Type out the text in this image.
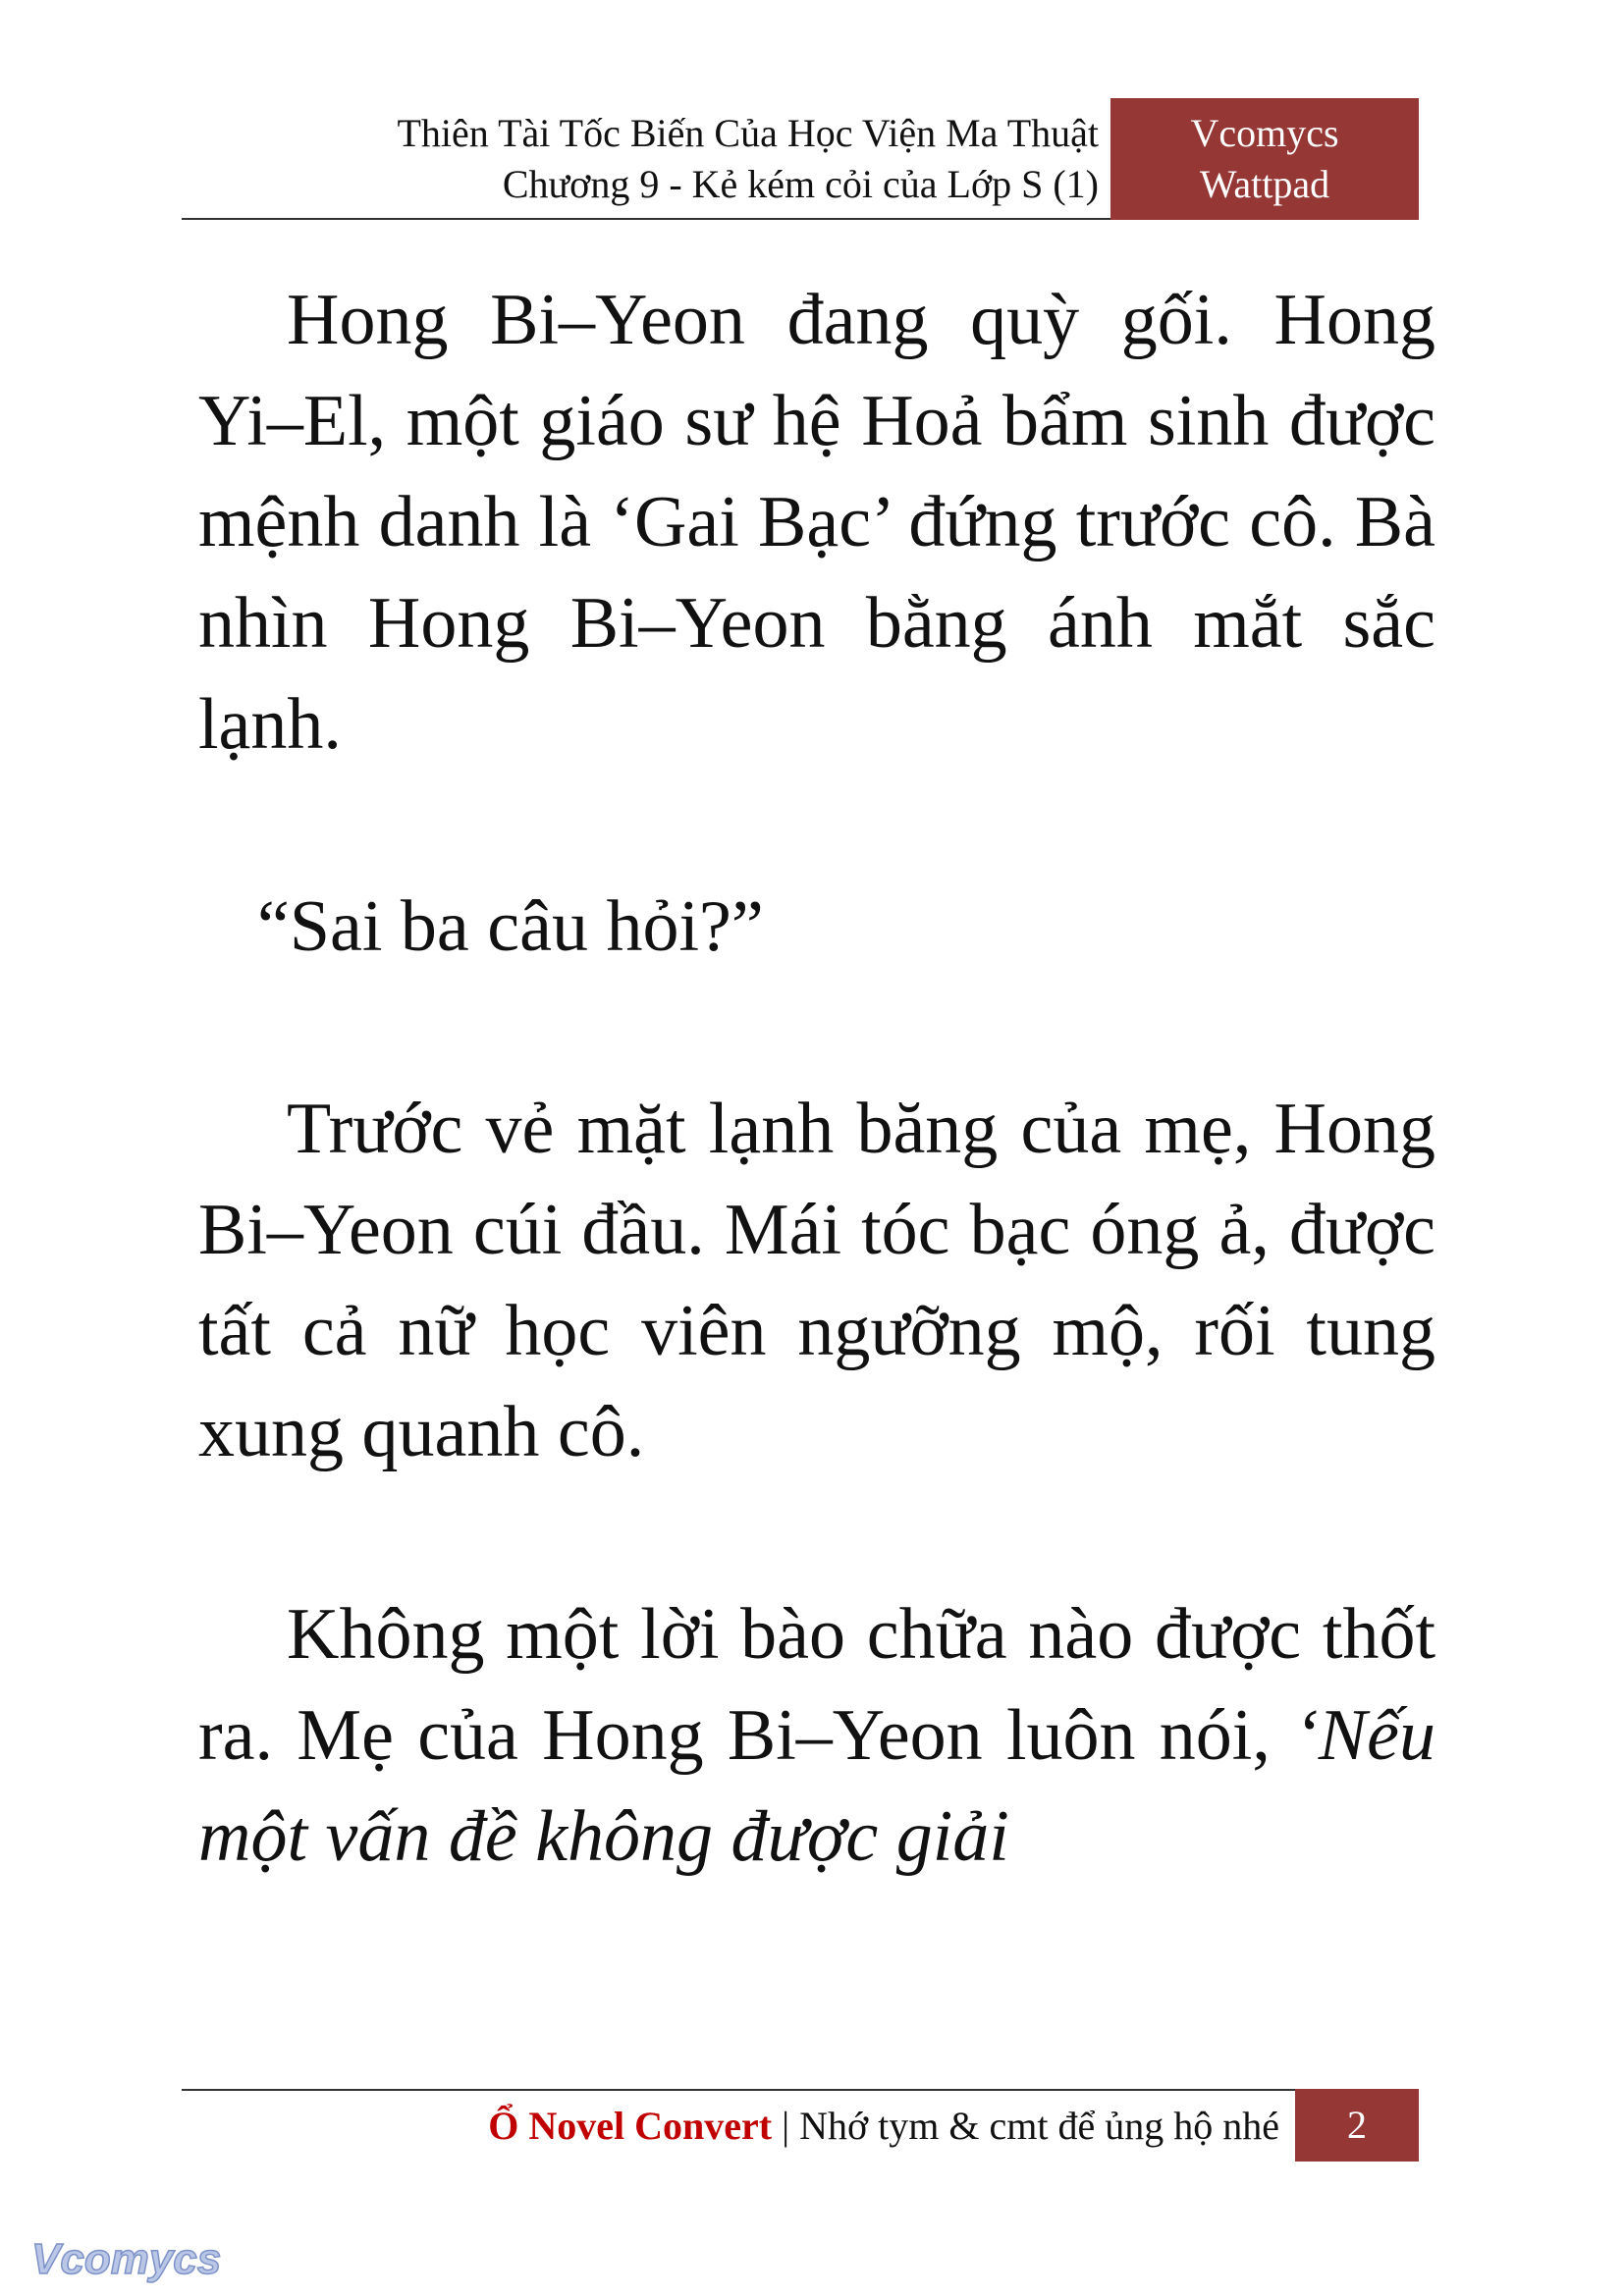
Thiên Tài Tốc Biến Của Học Viện Ma Thuật
Chương 9 - Kẻ kém cỏi của Lớp S (1)
Vcomycs
Wattpad

Hong Bi–Yeon đang quỳ gối. Hong Yi–El, một giáo sư hệ Hoả bẩm sinh được mệnh danh là ‘Gai Bạc’ đứng trước cô. Bà nhìn Hong Bi–Yeon bằng ánh mắt sắc lạnh.

“Sai ba câu hỏi?”

Trước vẻ mặt lạnh băng của mẹ, Hong Bi–Yeon cúi đầu. Mái tóc bạc óng ả, được tất cả nữ học viên ngưỡng mộ, rối tung xung quanh cô.

Không một lời bào chữa nào được thốt ra. Mẹ của Hong Bi–Yeon luôn nói, ‘Nếu một vấn đề không được giải

Ổ Novel Convert | Nhớ tym & cmt để ủng hộ nhé	2
Vcomycs
